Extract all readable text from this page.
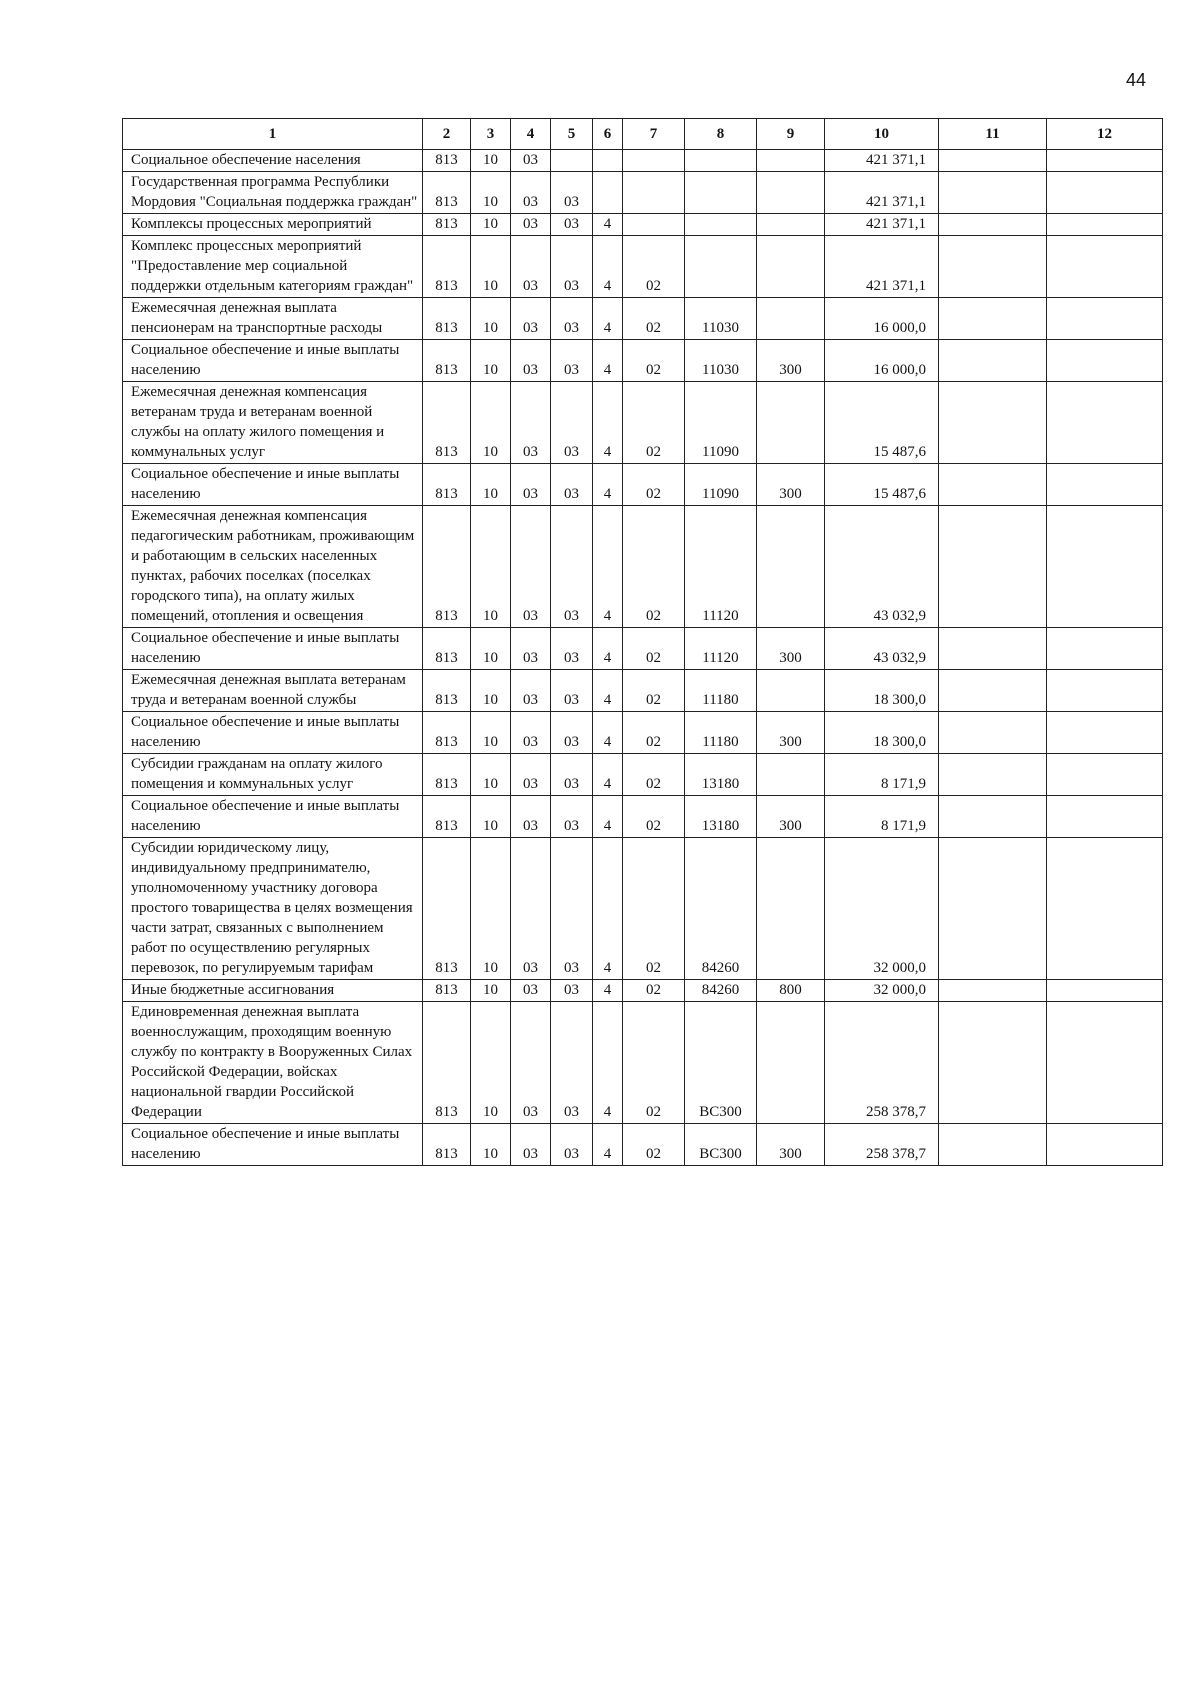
44
1	2	3	4	5	6	7	8	9	10	11	12
Социальное обеспечение населения	813	10	03						421 371,1		
Государственная программа Республики Мордовия "Социальная поддержка граждан"	813	10	03	03					421 371,1		
Комплексы процессных мероприятий	813	10	03	03	4				421 371,1		
Комплекс процессных мероприятий "Предоставление мер социальной поддержки отдельным категориям граждан"	813	10	03	03	4	02			421 371,1		
Ежемесячная денежная выплата пенсионерам на транспортные расходы	813	10	03	03	4	02	11030		16 000,0		
Социальное обеспечение и иные выплаты населению	813	10	03	03	4	02	11030	300	16 000,0		
Ежемесячная денежная компенсация ветеранам труда и ветеранам военной службы на оплату жилого помещения и коммунальных услуг	813	10	03	03	4	02	11090		15 487,6		
Социальное обеспечение и иные выплаты населению	813	10	03	03	4	02	11090	300	15 487,6		
Ежемесячная денежная компенсация педагогическим работникам, проживающим и работающим в сельских населенных пунктах, рабочих поселках (поселках городского типа), на оплату жилых помещений, отопления и освещения	813	10	03	03	4	02	11120		43 032,9		
Социальное обеспечение и иные выплаты населению	813	10	03	03	4	02	11120	300	43 032,9		
Ежемесячная денежная выплата ветеранам труда и ветеранам военной службы	813	10	03	03	4	02	11180		18 300,0		
Социальное обеспечение и иные выплаты населению	813	10	03	03	4	02	11180	300	18 300,0		
Субсидии гражданам на оплату жилого помещения и коммунальных услуг	813	10	03	03	4	02	13180		8 171,9		
Социальное обеспечение и иные выплаты населению	813	10	03	03	4	02	13180	300	8 171,9		
Субсидии юридическому лицу, индивидуальному предпринимателю, уполномоченному участнику договора простого товарищества в целях возмещения части затрат, связанных с выполнением работ по осуществлению регулярных перевозок, по регулируемым тарифам	813	10	03	03	4	02	84260		32 000,0		
Иные бюджетные ассигнования	813	10	03	03	4	02	84260	800	32 000,0		
Единовременная денежная выплата военнослужащим, проходящим военную службу по контракту в Вооруженных Силах Российской Федерации, войсках национальной гвардии Российской Федерации	813	10	03	03	4	02	ВС300		258 378,7		
Социальное обеспечение и иные выплаты населению	813	10	03	03	4	02	ВС300	300	258 378,7		
